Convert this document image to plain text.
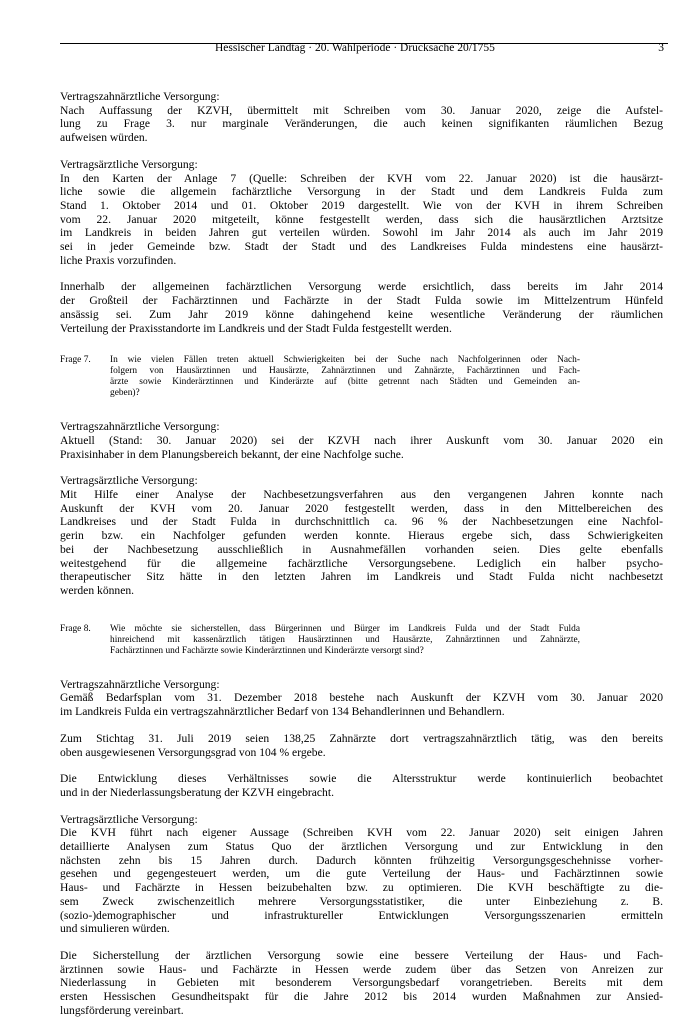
Hessischer Landtag · 20. Wahlperiode · Drucksache 20/1755	3

Vertragszahnärztliche Versorgung:

Nach Auffassung der KZVH, übermittelt mit Schreiben vom 30. Januar 2020, zeige die Aufstel-
lung zu Frage 3. nur marginale Veränderungen, die auch keinen signifikanten räumlichen Bezug
aufweisen würden.

Vertragsärztliche Versorgung:

In den Karten der Anlage 7 (Quelle: Schreiben der KVH vom 22. Januar 2020) ist die hausärzt-
liche sowie die allgemein fachärztliche Versorgung in der Stadt und dem Landkreis Fulda zum
Stand 1. Oktober 2014 und 01. Oktober 2019 dargestellt. Wie von der KVH in ihrem Schreiben
vom 22. Januar 2020 mitgeteilt, könne festgestellt werden, dass sich die hausärztlichen Arztsitze
im Landkreis in beiden Jahren gut verteilen würden. Sowohl im Jahr 2014 als auch im Jahr 2019
sei in jeder Gemeinde bzw. Stadt der Stadt und des Landkreises Fulda mindestens eine hausärzt-
liche Praxis vorzufinden.
Innerhalb der allgemeinen fachärztlichen Versorgung werde ersichtlich, dass bereits im Jahr 2014
der Großteil der Fachärztinnen und Fachärzte in der Stadt Fulda sowie im Mittelzentrum Hünfeld
ansässig sei. Zum Jahr 2019 könne dahingehend keine wesentliche Veränderung der räumlichen
Verteilung der Praxisstandorte im Landkreis und der Stadt Fulda festgestellt werden.
Frage 7.	In wie vielen Fällen treten aktuell Schwierigkeiten bei der Suche nach Nachfolgerinnen oder Nach-
folgern von Hausärztinnen und Hausärzte, Zahnärztinnen und Zahnärzte, Fachärztinnen und Fach-
ärzte sowie Kinderärztinnen und Kinderärzte auf (bitte getrennt nach Städten und Gemeinden an-
geben)?

Vertragszahnärztliche Versorgung:

Aktuell (Stand: 30. Januar 2020) sei der KZVH nach ihrer Auskunft vom 30. Januar 2020 ein
Praxisinhaber in dem Planungsbereich bekannt, der eine Nachfolge suche.

Vertragsärztliche Versorgung:

Mit Hilfe einer Analyse der Nachbesetzungsverfahren aus den vergangenen Jahren konnte nach
Auskunft der KVH vom 20. Januar 2020 festgestellt werden, dass in den Mittelbereichen des
Landkreises und der Stadt Fulda in durchschnittlich ca. 96 % der Nachbesetzungen eine Nachfol-
gerin bzw. ein Nachfolger gefunden werden konnte. Hieraus ergebe sich, dass Schwierigkeiten
bei der Nachbesetzung ausschließlich in Ausnahmefällen vorhanden seien. Dies gelte ebenfalls
weitestgehend für die allgemeine fachärztliche Versorgungsebene. Lediglich ein halber psycho-
therapeutischer Sitz hätte in den letzten Jahren im Landkreis und Stadt Fulda nicht nachbesetzt
werden können.
Frage 8.	Wie möchte sie sicherstellen, dass Bürgerinnen und Bürger im Landkreis Fulda und der Stadt Fulda
hinreichend mit kassenärztlich tätigen Hausärztinnen und Hausärzte, Zahnärztinnen und Zahnärzte,
Fachärztinnen und Fachärzte sowie Kinderärztinnen und Kinderärzte versorgt sind?

Vertragszahnärztliche Versorgung:

Gemäß Bedarfsplan vom 31. Dezember 2018 bestehe nach Auskunft der KZVH vom 30. Januar 2020
im Landkreis Fulda ein vertragszahnärztlicher Bedarf von 134 Behandlerinnen und Behandlern.
Zum Stichtag 31. Juli 2019 seien 138,25 Zahnärzte dort vertragszahnärztlich tätig, was den bereits
oben ausgewiesenen Versorgungsgrad von 104 % ergebe.
Die Entwicklung dieses Verhältnisses sowie die Altersstruktur werde kontinuierlich beobachtet
und in der Niederlassungsberatung der KZVH eingebracht.

Vertragsärztliche Versorgung:

Die KVH führt nach eigener Aussage (Schreiben KVH vom 22. Januar 2020) seit einigen Jahren
detaillierte Analysen zum Status Quo der ärztlichen Versorgung und zur Entwicklung in den
nächsten zehn bis 15 Jahren durch. Dadurch könnten frühzeitig Versorgungsgeschehnisse vorher-
gesehen und gegengesteuert werden, um die gute Verteilung der Haus- und Fachärztinnen sowie
Haus- und Fachärzte in Hessen beizubehalten bzw. zu optimieren. Die KVH beschäftigte zu die-
sem Zweck zwischenzeitlich mehrere Versorgungsstatistiker, die unter Einbeziehung z. B.
(sozio-)demographischer und infrastruktureller Entwicklungen Versorgungsszenarien ermitteln
und simulieren würden.
Die Sicherstellung der ärztlichen Versorgung sowie eine bessere Verteilung der Haus- und Fach-
ärztinnen sowie Haus- und Fachärzte in Hessen werde zudem über das Setzen von Anreizen zur
Niederlassung in Gebieten mit besonderem Versorgungsbedarf vorangetrieben. Bereits mit dem
ersten Hessischen Gesundheitspakt für die Jahre 2012 bis 2014 wurden Maßnahmen zur Ansied-
lungsförderung vereinbart.
